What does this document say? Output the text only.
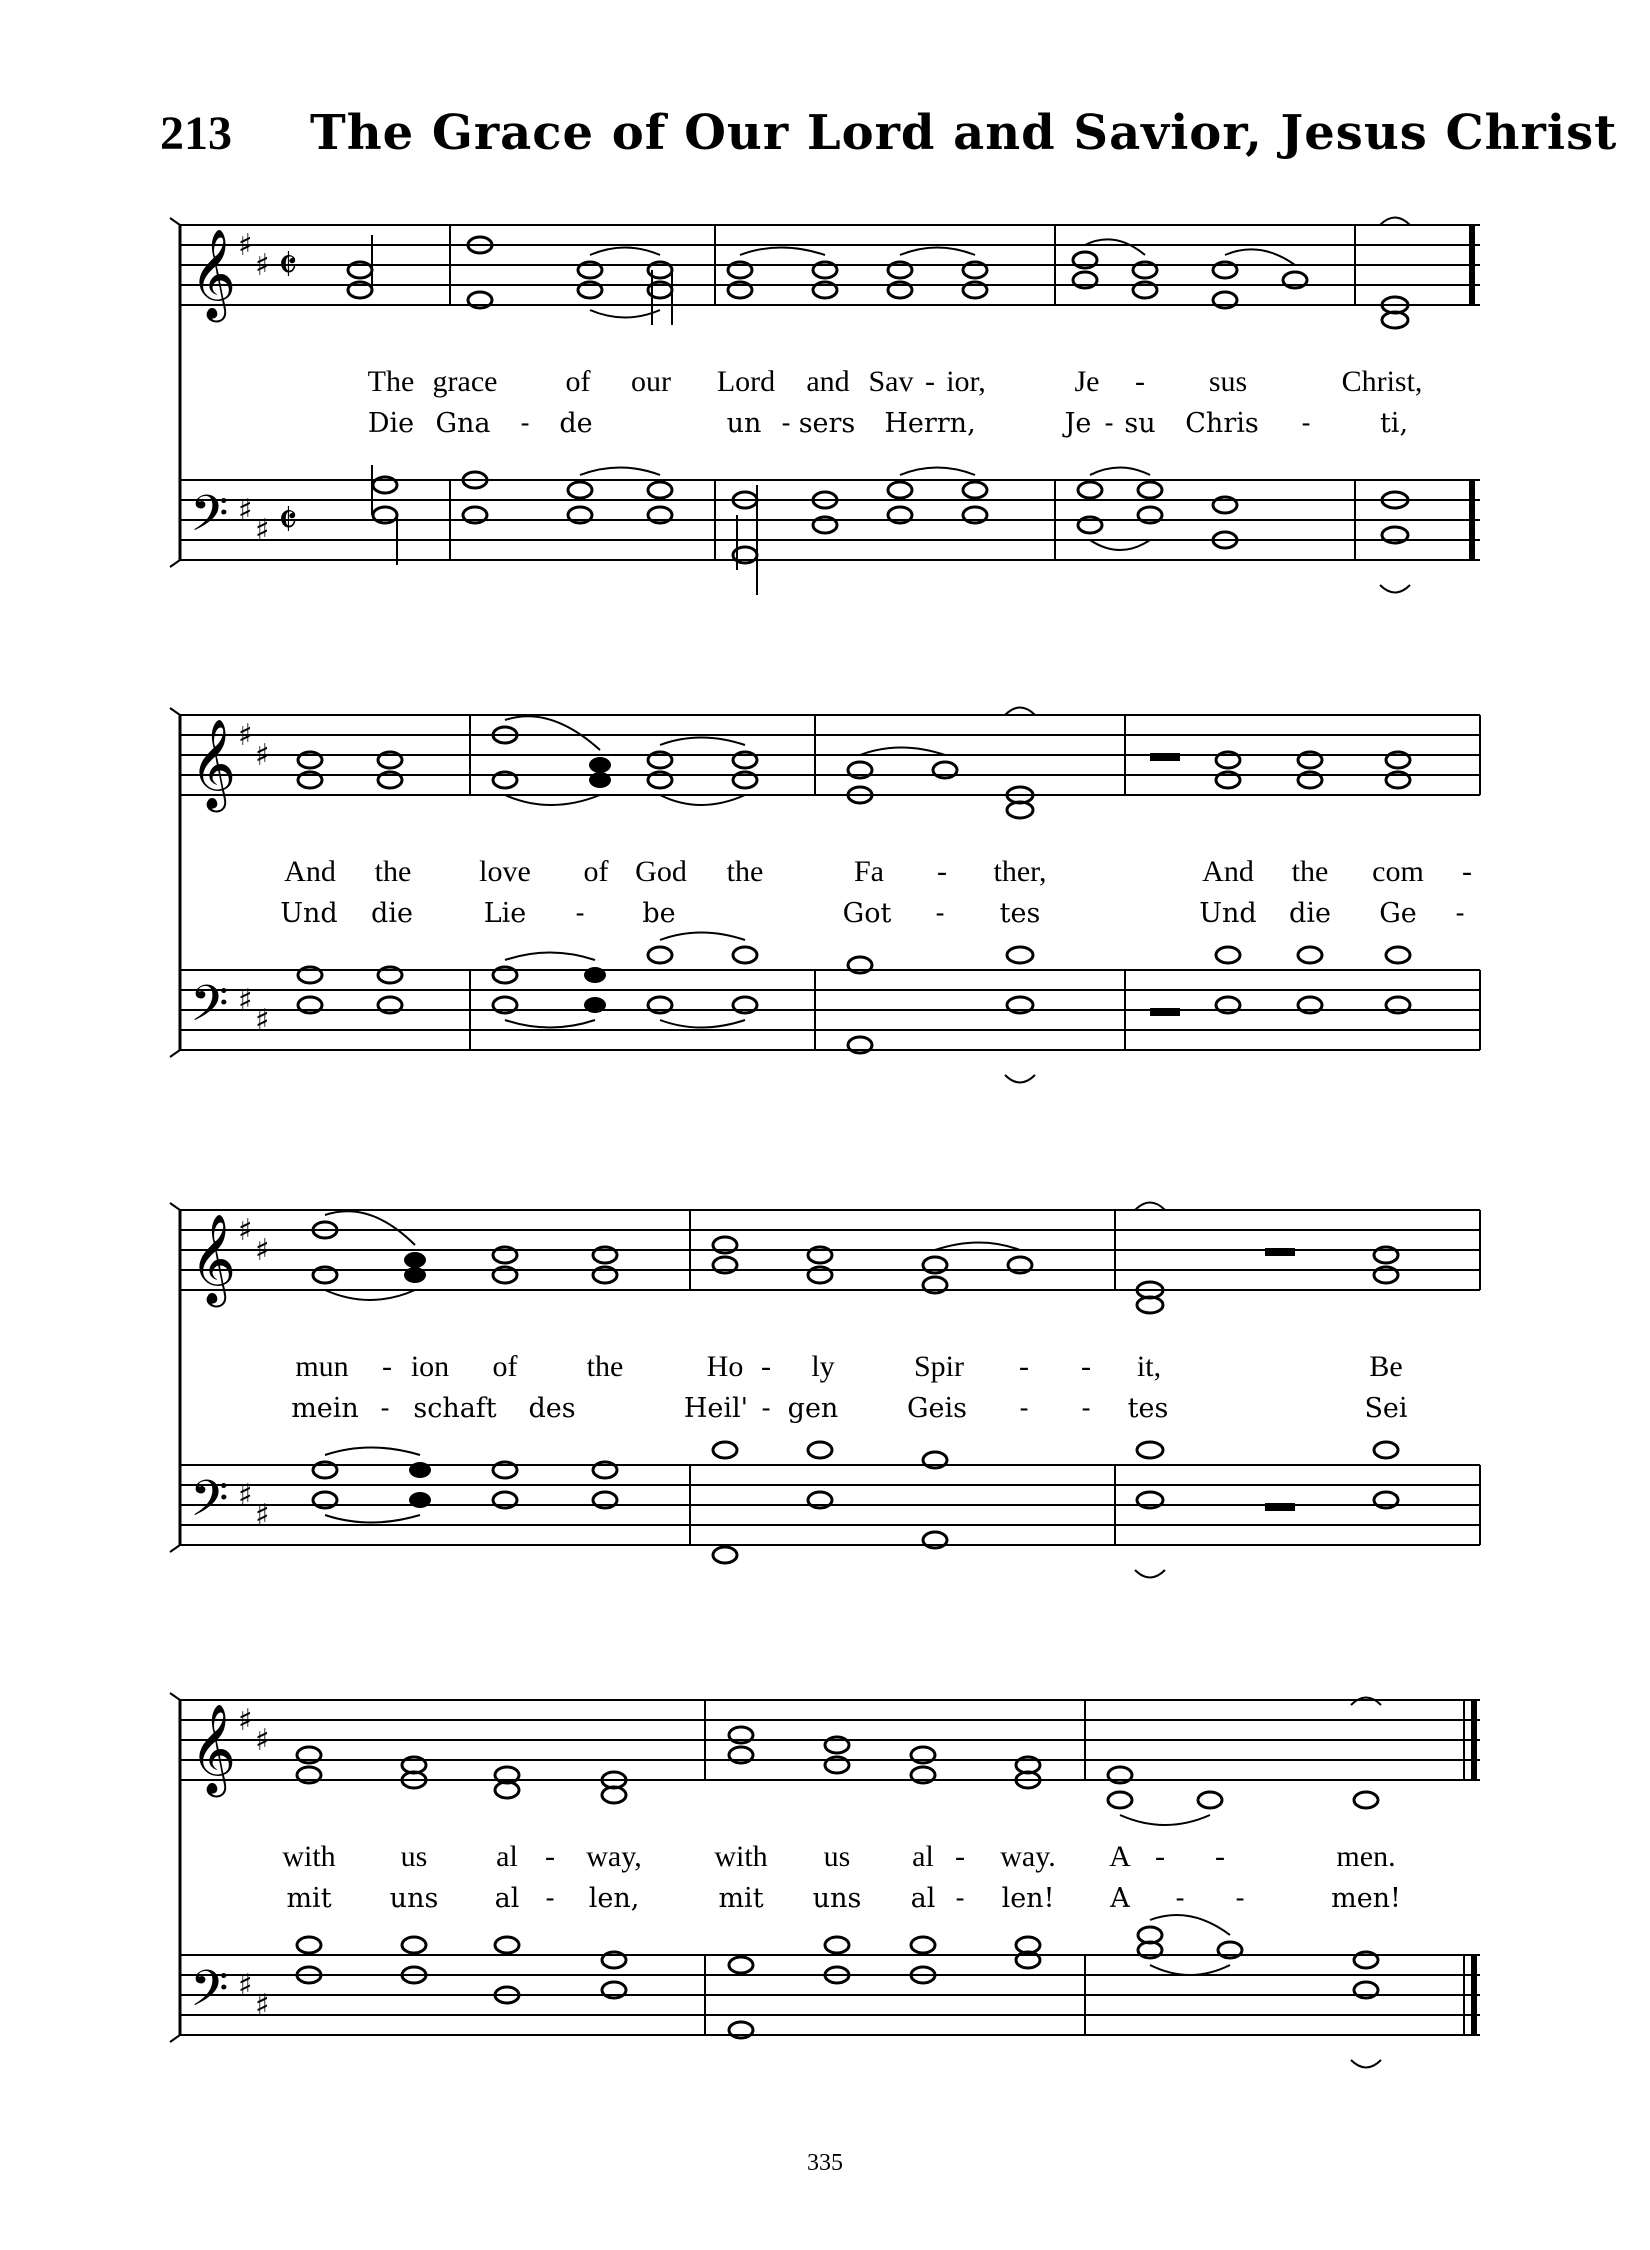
213	The Grace of Our Lord and Savior, Jesus Christ
𝄞
𝄢
♯
♯
♯
♯
𝄵
𝄵
The grace of our Lord and Sav - ior,	Je - sus	Christ,
Die Gna - de	un - sers Herrn,	Je - su Chris -	ti,
𝄞
𝄢
♯
♯
♯
♯
And the love of God the	Fa - ther,	And the com -
Und die	Lie - be	Got - tes	Und die Ge -
𝄞
𝄢
♯
♯
♯
♯
mun - ion of the	Ho - ly	Spir - - it,	Be
mein - schaft des	Heil' - gen	Geis - - tes	Sei
𝄞
𝄢
♯
♯
♯
♯
with us al - way, with us al - way. A - -	men.
mit uns al - len,	mit uns al - len! A - -	men!
335
